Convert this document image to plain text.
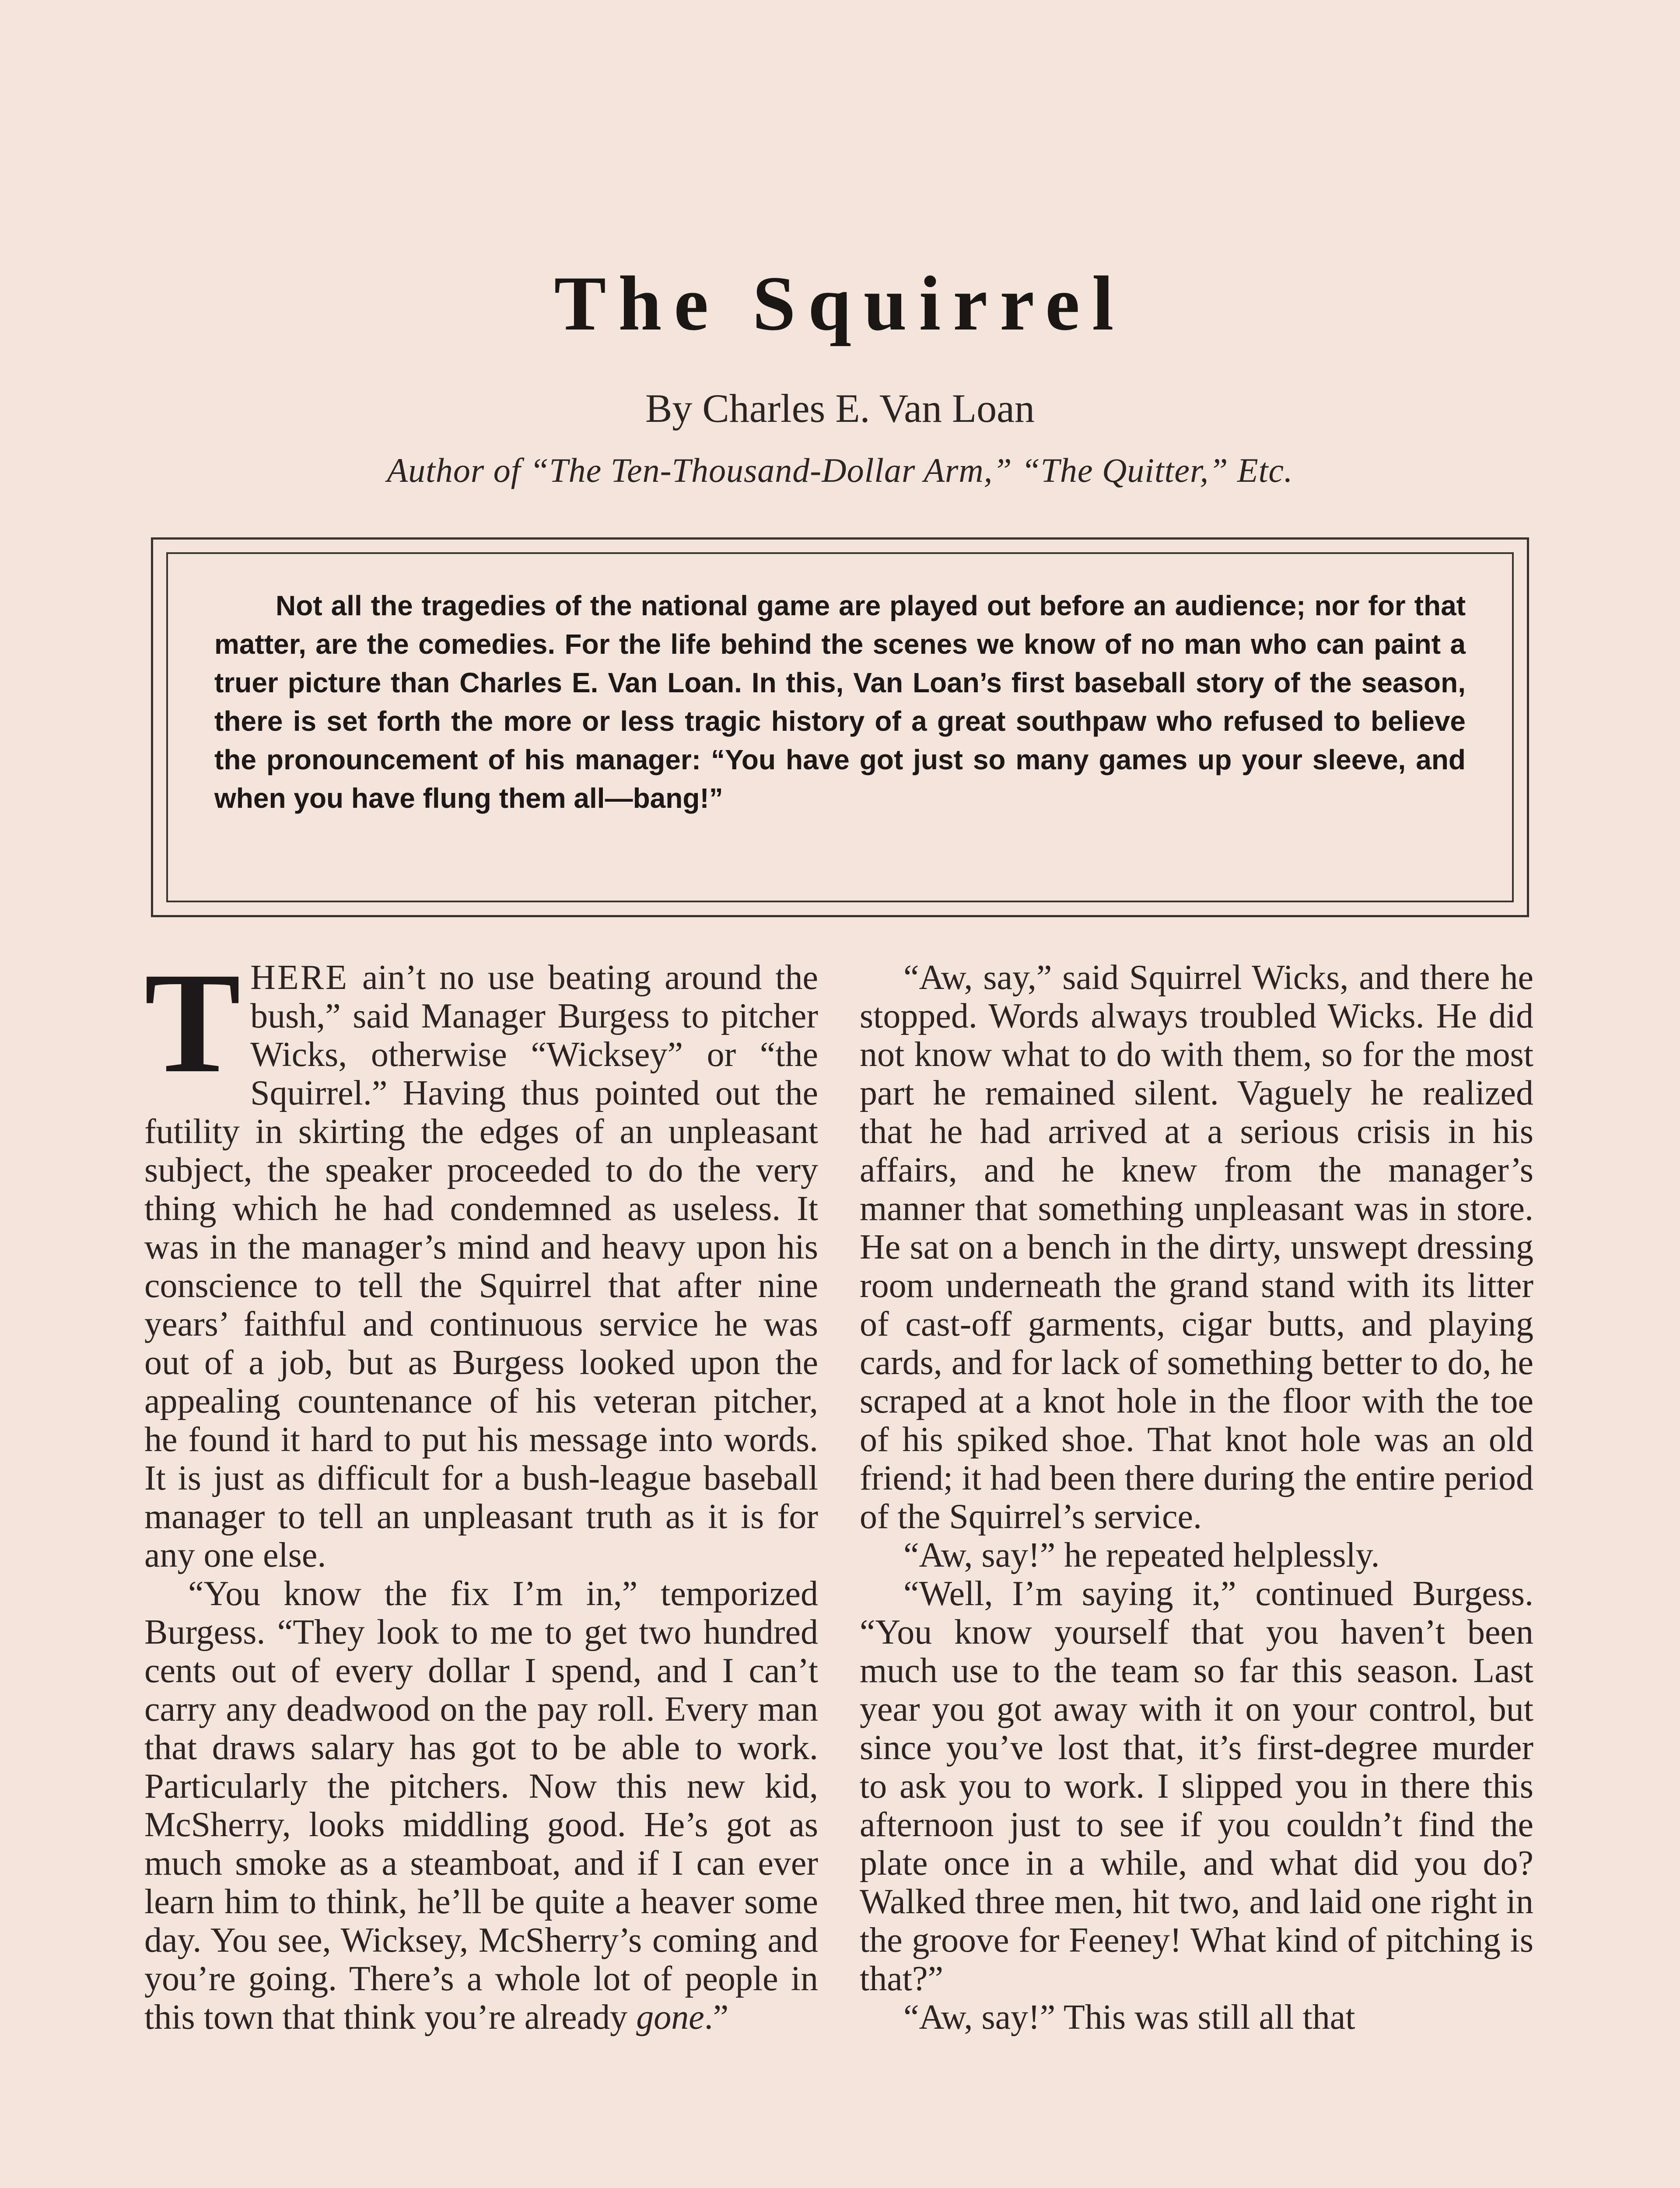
The Squirrel
By Charles E. Van Loan
Author of “The Ten-Thousand-Dollar Arm,” “The Quitter,” Etc.
Not all the tragedies of the national game are played out before an audience; nor for that matter, are the comedies. For the life behind the scenes we know of no man who can paint a truer picture than Charles E. Van Loan. In this, Van Loan’s first baseball story of the season, there is set forth the more or less tragic history of a great southpaw who refused to believe the pronouncement of his manager: “You have got just so many games up your sleeve, and when you have flung them all—bang!”

THERE ain’t no use beating around the bush,” said Manager Burgess to pitcher Wicks, otherwise “Wicksey” or “the Squirrel.” Having thus pointed out the futility in skirting the edges of an unpleasant subject, the speaker proceeded to do the very thing which he had condemned as useless. It was in the manager’s mind and heavy upon his conscience to tell the Squirrel that after nine years’ faithful and continuous service he was out of a job, but as Burgess looked upon the appealing countenance of his veteran pitcher, he found it hard to put his message into words. It is just as difficult for a bush-league baseball manager to tell an unpleasant truth as it is for any one else.

“You know the fix I’m in,” temporized Burgess. “They look to me to get two hundred cents out of every dollar I spend, and I can’t carry any deadwood on the pay roll. Every man that draws salary has got to be able to work. Particularly the pitchers. Now this new kid, McSherry, looks middling good. He’s got as much smoke as a steamboat, and if I can ever learn him to think, he’ll be quite a heaver some day. You see, Wicksey, McSherry’s coming and you’re going. There’s a whole lot of people in this town that think you’re already gone.”

“Aw, say,” said Squirrel Wicks, and there he stopped. Words always troubled Wicks. He did not know what to do with them, so for the most part he remained silent. Vaguely he realized that he had arrived at a serious crisis in his affairs, and he knew from the manager’s manner that something unpleasant was in store. He sat on a bench in the dirty, unswept dressing room underneath the grand stand with its litter of cast-off garments, cigar butts, and playing cards, and for lack of something better to do, he scraped at a knot hole in the floor with the toe of his spiked shoe. That knot hole was an old friend; it had been there during the entire period of the Squirrel’s service.

“Aw, say!” he repeated helplessly.

“Well, I’m saying it,” continued Burgess. “You know yourself that you haven’t been much use to the team so far this season. Last year you got away with it on your control, but since you’ve lost that, it’s first-degree murder to ask you to work. I slipped you in there this afternoon just to see if you couldn’t find the plate once in a while, and what did you do? Walked three men, hit two, and laid one right in the groove for Feeney! What kind of pitching is that?”

“Aw, say!” This was still all that
